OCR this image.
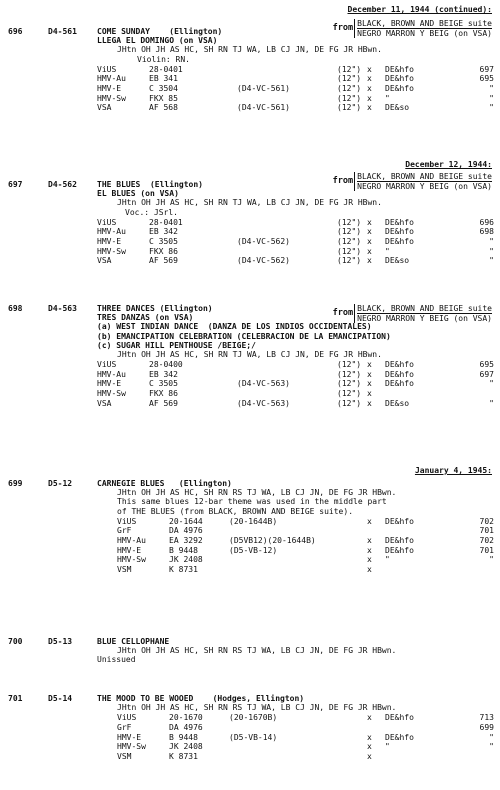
December 11, 1944 (continued):
696	D4-561	from BLACK, BROWN AND BEIGE suite
NEGRO MARRON Y BEIG (on VSA)
COME SUNDAY    (Ellington)
LLEGA EL DOMINGO (on VSA)
JHtn OH JH AS HC, SH RN TJ WA, LB CJ JN, DE FG JR HBwn.
Violin: RN.
ViUS	28-0401	(12") x DE&hfo	697
HMV-Au	EB 341	(12") x DE&hfo	695
HMV-E	C 3504	(D4-VC-561)	(12") x DE&hfo	"
HMV-Sw	FKX 85	(12") x "	"
VSA	AF 568	(D4-VC-561)	(12") x DE&so	"
December 12, 1944:
697	D4-562	from BLACK, BROWN AND BEIGE suite
NEGRO MARRON Y BEIG (on VSA)
THE BLUES  (Ellington)
EL BLUES (on VSA)
JHtn OH JH AS HC, SH RN TJ WA, LB CJ JN, DE FG JR HBwn.
Voc.: JSrl.
ViUS	28-0401	(12") x DE&hfo	696
HMV-Au	EB 342	(12") x DE&hfo	698
HMV-E	C 3505	(D4-VC-562)	(12") x DE&hfo	"
HMV-Sw	FKX 86	(12") x "	"
VSA	AF 569	(D4-VC-562)	(12") x DE&so	"
698	D4-563	from BLACK, BROWN AND BEIGE suite
NEGRO MARRON Y BEIG (on VSA)
THREE DANCES (Ellington)
TRES DANZAS (on VSA)
(a) WEST INDIAN DANCE  (DANZA DE LOS INDIOS OCCIDENTALES)
(b) EMANCIPATION CELEBRATION (CELEBRACION DE LA EMANCIPATION)
(c) SUGAR HILL PENTHOUSE /BEIGE;/
JHtn OH JH AS HC, SH RN TJ WA, LB CJ JN, DE FG JR HBwn.
ViUS	28-0400	(12") x DE&hfo	695
HMV-Au	EB 342	(12") x DE&hfo	697
HMV-E	C 3505	(D4-VC-563)	(12") x DE&hfo	"
HMV-Sw	FKX 86	(12") x
VSA	AF 569	(D4-VC-563)	(12") x DE&so	"
January 4, 1945:
699	D5-12	CARNEGIE BLUES   (Ellington)
JHtn OH JH AS HC, SH RN RS TJ WA, LB CJ JN, DE FG JR HBwn.
This same blues 12-bar theme was used in the middle part
of THE BLUES (from BLACK, BROWN AND BEIGE suite).
ViUS	20-1644	(20-1644B)	x DE&hfo	702
GrF	DA 4976	701
HMV-Au	EA 3292	(D5VB12)(20-1644B)	x DE&hfo	702
HMV-E	B 9448	(D5-VB-12)	x DE&hfo	701
HMV-Sw	JK 2408	x "	"
VSM	K 8731	x
700	D5-13	BLUE CELLOPHANE
JHtn OH JH AS HC, SH RN RS TJ WA, LB CJ JN, DE FG JR HBwn.
Unissued
701	D5-14	THE MOOD TO BE WOOED    (Hodges, Ellington)
JHtn OH JH AS HC, SH RN RS TJ WA, LB CJ JN, DE FG JR HBwn.
ViUS	20-1670	(20-1670B)	x DE&hfo	713
GrF	DA 4976	699
HMV-E	B 9448	(D5-VB-14)	x DE&hfo	"
HMV-Sw	JK 2408	x "	"
VSM	K 8731	x
